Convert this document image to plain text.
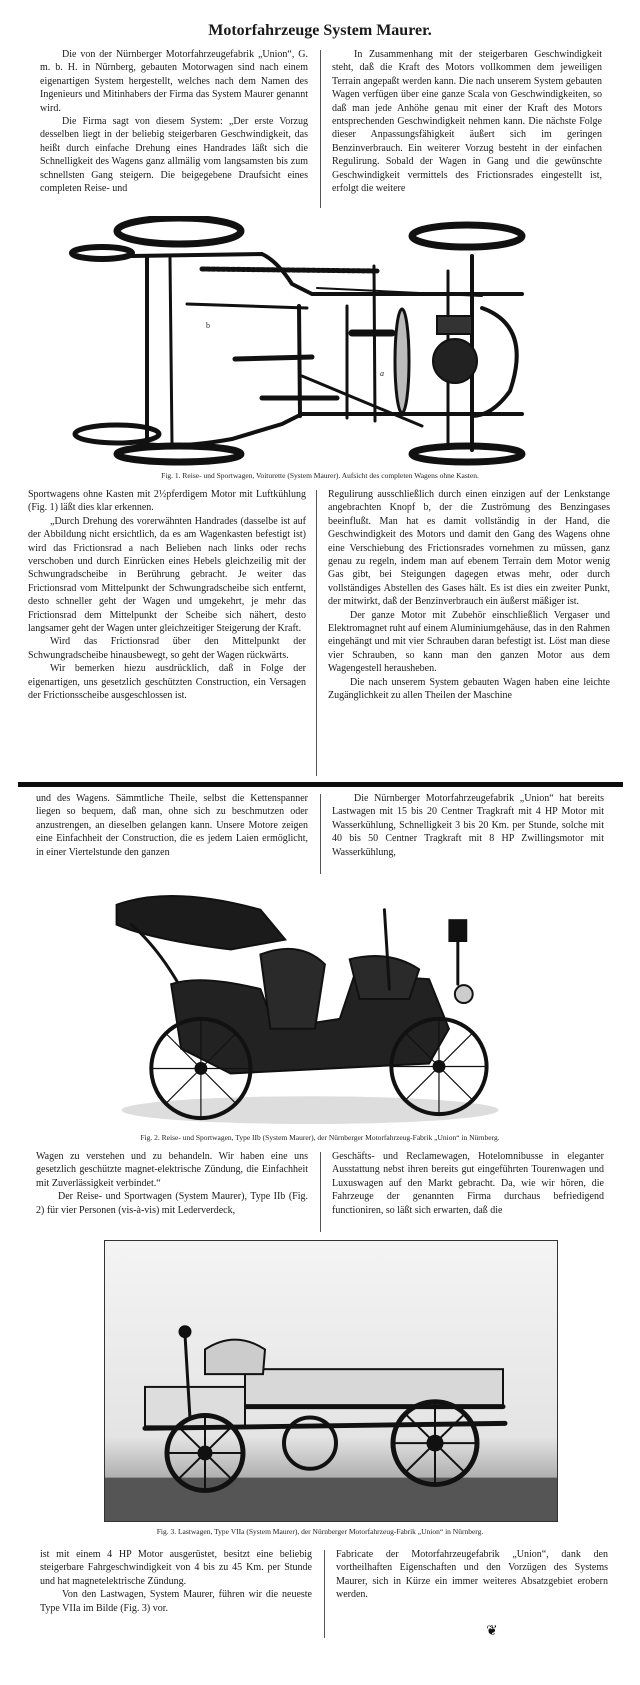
Motorfahrzeuge System Maurer.

Die von der Nürnberger Motorfahrzeugefabrik „Union“, G. m. b. H. in Nürnberg, gebauten Motorwagen sind nach einem eigenartigen System hergestellt, welches nach dem Namen des Ingenieurs und Mitinhabers der Firma das System Maurer genannt wird.

Die Firma sagt von diesem System: „Der erste Vorzug desselben liegt in der beliebig steigerbaren Geschwindigkeit, das heißt durch einfache Drehung eines Handrades läßt sich die Schnelligkeit des Wagens ganz allmälig vom langsamsten bis zum schnellsten Gang steigern. Die beigegebene Draufsicht eines completen Reise- und

In Zusammenhang mit der steigerbaren Geschwindigkeit steht, daß die Kraft des Motors vollkommen dem jeweiligen Terrain angepaßt werden kann. Die nach unserem System gebauten Wagen verfügen über eine ganze Scala von Geschwindigkeiten, so daß man jede Anhöhe genau mit einer der Kraft des Motors entsprechenden Geschwindigkeit nehmen kann. Die nächste Folge dieser Anpassungsfähigkeit äußert sich im geringen Benzinverbrauch. Ein weiterer Vorzug besteht in der einfachen Regulirung. Sobald der Wagen in Gang und die gewünschte Geschwindigkeit vermittels des Frictionsrades eingestellt ist, erfolgt die weitere

b
a
Fig. 1. Reise- und Sportwagen, Voiturette (System Maurer). Aufsicht des completen Wagens ohne Kasten.

Sportwagens ohne Kasten mit 2½pferdigem Motor mit Luftkühlung (Fig. 1) läßt dies klar erkennen.

„Durch Drehung des vorerwähnten Handrades (dasselbe ist auf der Abbildung nicht ersichtlich, da es am Wagenkasten befestigt ist) wird das Frictionsrad a nach Belieben nach links oder rechs verschoben und durch Einrücken eines Hebels gleichzeilig mit der Schwungradscheibe in Berührung gebracht. Je weiter das Frictionsrad vom Mittelpunkt der Schwungradscheibe sich entfernt, desto schneller geht der Wagen und umgekehrt, je mehr das Frictionsrad dem Mittelpunkt der Scheibe sich nähert, desto langsamer geht der Wagen unter gleichzeitiger Steigerung der Kraft.

Wird das Frictionsrad über den Mittelpunkt der Schwungradscheibe hinausbewegt, so geht der Wagen rückwärts.

Wir bemerken hiezu ausdrücklich, daß in Folge der eigenartigen, uns gesetzlich geschützten Construction, ein Versagen der Frictionsscheibe ausgeschlossen ist.

Regulirung ausschließlich durch einen einzigen auf der Lenkstange angebrachten Knopf b, der die Zuströmung des Benzingases beeinflußt. Man hat es damit vollständig in der Hand, die Geschwindigkeit des Motors und damit den Gang des Wagens ohne eine Verschiebung des Frictionsrades vornehmen zu müssen, ganz genau zu regeln, indem man auf ebenem Terrain dem Motor wenig Gas gibt, bei Steigungen dagegen etwas mehr, oder durch vollständiges Abstellen des Gases hält. Es ist dies ein zweiter Punkt, der mitwirkt, daß der Benzinverbrauch ein äußerst mäßiger ist.

Der ganze Motor mit Zubehör einschließlich Vergaser und Elektromagnet ruht auf einem Aluminiumgehäuse, das in den Rahmen eingehängt und mit vier Schrauben daran befestigt ist. Löst man diese vier Schrauben, so kann man den ganzen Motor aus dem Wagengestell herausheben.

Die nach unserem System gebauten Wagen haben eine leichte Zugänglichkeit zu allen Theilen der Maschine

und des Wagens. Sämmtliche Theile, selbst die Kettenspanner liegen so bequem, daß man, ohne sich zu beschmutzen oder anzustrengen, an dieselben gelangen kann. Unsere Motore zeigen eine Einfachheit der Construction, die es jedem Laien ermöglicht, in einer Viertelstunde den ganzen

Die Nürnberger Motorfahrzeugefabrik „Union“ hat bereits Lastwagen mit 15 bis 20 Centner Tragkraft mit 4 HP Motor mit Wasserkühlung, Schnelligkeit 3 bis 20 Km. per Stunde, solche mit 40 bis 50 Centner Tragkraft mit 8 HP Zwillingsmotor mit Wasserkühlung,

Fig. 2. Reise- und Sportwagen, Type IIb (System Maurer), der Nürnberger Motorfahrzeug-Fabrik „Union“ in Nürnberg.

Wagen zu verstehen und zu behandeln. Wir haben eine uns gesetzlich geschützte magnet-elektrische Zündung, die Einfachheit mit Zuverlässigkeit verbindet.“

Der Reise- und Sportwagen (System Maurer), Type IIb (Fig. 2) für vier Personen (vis-à-vis) mit Lederverdeck,

Geschäfts- und Reclamewagen, Hotelomnibusse in eleganter Ausstattung nebst ihren bereits gut eingeführten Tourenwagen und Luxuswagen auf den Markt gebracht. Da, wie wir hören, die Fahrzeuge der genannten Firma durchaus befriedigend functioniren, so läßt sich erwarten, daß die

Fig. 3. Lastwagen, Type VIIa (System Maurer), der Nürnberger Motorfahrzeug-Fabrik „Union“ in Nürnberg.

ist mit einem 4 HP Motor ausgerüstet, besitzt eine beliebig steigerbare Fahrgeschwindigkeit von 4 bis zu 45 Km. per Stunde und hat magnetelektrische Zündung.

Von den Lastwagen, System Maurer, führen wir die neueste Type VIIa im Bilde (Fig. 3) vor.

Fabricate der Motorfahrzeugefabrik „Union“, dank den vortheilhaften Eigenschaften und den Vorzügen des Systems Maurer, sich in Kürze ein immer weiteres Absatzgebiet erobern werden.

❦
